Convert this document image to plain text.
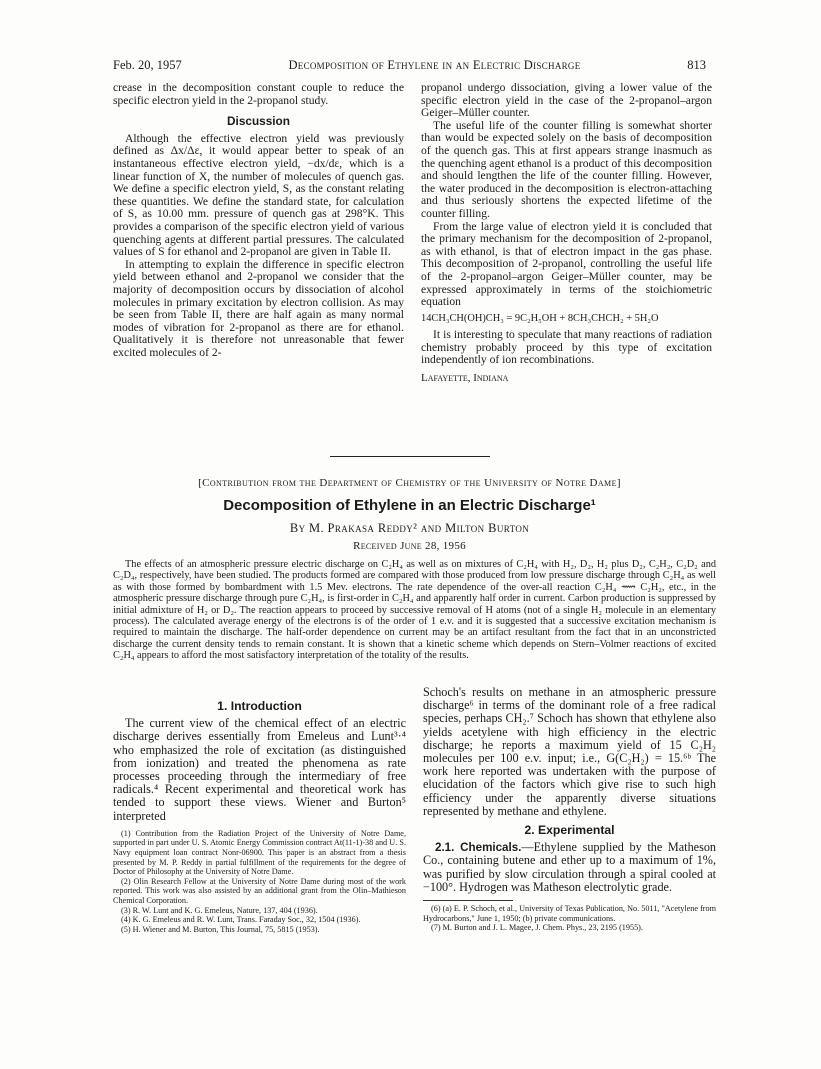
Feb. 20, 1957	Decomposition of Ethylene in an Electric Discharge	813

crease in the decomposition constant couple to reduce the specific electron yield in the 2-propanol study.

Discussion

Although the effective electron yield was previously defined as Δx/Δε, it would appear better to speak of an instantaneous effective electron yield, −dx/dε, which is a linear function of X, the number of molecules of quench gas. We define a specific electron yield, S, as the constant relating these quantities. We define the standard state, for calculation of S, as 10.00 mm. pressure of quench gas at 298°K. This provides a comparison of the specific electron yield of various quenching agents at different partial pressures. The calculated values of S for ethanol and 2-propanol are given in Table II.

In attempting to explain the difference in specific electron yield between ethanol and 2-propanol we consider that the majority of decomposition occurs by dissociation of alcohol molecules in primary excitation by electron collision. As may be seen from Table II, there are half again as many normal modes of vibration for 2-propanol as there are for ethanol. Qualitatively it is therefore not unreasonable that fewer excited molecules of 2-

propanol undergo dissociation, giving a lower value of the specific electron yield in the case of the 2-propanol–argon Geiger–Müller counter.

The useful life of the counter filling is somewhat shorter than would be expected solely on the basis of decomposition of the quench gas. This at first appears strange inasmuch as the quenching agent ethanol is a product of this decomposition and should lengthen the life of the counter filling. However, the water produced in the decomposition is electron-attaching and thus seriously shortens the expected lifetime of the counter filling.

From the large value of electron yield it is concluded that the primary mechanism for the decomposition of 2-propanol, as with ethanol, is that of electron impact in the gas phase. This decomposition of 2-propanol, controlling the useful life of the 2-propanol–argon Geiger–Müller counter, may be expressed approximately in terms of the stoichiometric equation

14CH₃CH(OH)CH₃ = 9C₂H₅OH + 8CH₃CHCH₂ + 5H₂O

It is interesting to speculate that many reactions of radiation chemistry probably proceed by this type of excitation independently of ion recombinations.

Lafayette, Indiana
[Contribution from the Department of Chemistry of the University of Notre Dame]
Decomposition of Ethylene in an Electric Discharge¹
By M. Prakasa Reddy² and Milton Burton
Received June 28, 1956

The effects of an atmospheric pressure electric discharge on C₂H₄ as well as on mixtures of C₂H₄ with H₂, D₂, H₂ plus D₂, C₂H₂, C₂D₂ and C₂D₄, respectively, have been studied. The products formed are compared with those produced from low pressure discharge through C₂H₄ as well as with those formed by bombardment with 1.5 Mev. electrons. The rate dependence of the over-all reaction C₂H₄ ⟿ C₂H₂, etc., in the atmospheric pressure discharge through pure C₂H₄, is first-order in C₂H₄ and apparently half order in current. Carbon production is suppressed by initial admixture of H₂ or D₂. The reaction appears to proceed by successive removal of H atoms (not of a single H₂ molecule in an elementary process). The calculated average energy of the electrons is of the order of 1 e.v. and it is suggested that a successive excitation mechanism is required to maintain the discharge. The half-order dependence on current may be an artifact resultant from the fact that in an unconstricted discharge the current density tends to remain constant. It is shown that a kinetic scheme which depends on Stern–Volmer reactions of excited C₂H₄ appears to afford the most satisfactory interpretation of the totality of the results.

1. Introduction

The current view of the chemical effect of an electric discharge derives essentially from Emeleus and Lunt³·⁴ who emphasized the role of excitation (as distinguished from ionization) and treated the phenomena as rate processes proceeding through the intermediary of free radicals.⁴ Recent experimental and theoretical work has tended to support these views. Wiener and Burton⁵ interpreted

(1) Contribution from the Radiation Project of the University of Notre Dame, supported in part under U. S. Atomic Energy Commission contract At(11-1)-38 and U. S. Navy equipment loan contract Nonr-06900. This paper is an abstract from a thesis presented by M. P. Reddy in partial fulfillment of the requirements for the degree of Doctor of Philosophy at the University of Notre Dame.

(2) Olin Research Fellow at the University of Notre Dame during most of the work reported. This work was also assisted by an additional grant from the Olin–Mathieson Chemical Corporation.

(3) R. W. Lunt and K. G. Emeleus, Nature, 137, 404 (1936).

(4) K. G. Emeleus and R. W. Lunt, Trans. Faraday Soc., 32, 1504 (1936).

(5) H. Wiener and M. Burton, This Journal, 75, 5815 (1953).

Schoch's results on methane in an atmospheric pressure discharge⁶ in terms of the dominant role of a free radical species, perhaps CH₂.⁷ Schoch has shown that ethylene also yields acetylene with high efficiency in the electric discharge; he reports a maximum yield of 15 C₂H₂ molecules per 100 e.v. input; i.e., G(C₂H₂) = 15.⁶ᵇ The work here reported was undertaken with the purpose of elucidation of the factors which give rise to such high efficiency under the apparently diverse situations represented by methane and ethylene.

2. Experimental

2.1. Chemicals.—Ethylene supplied by the Matheson Co., containing butene and ether up to a maximum of 1%, was purified by slow circulation through a spiral cooled at −100°. Hydrogen was Matheson electrolytic grade.

(6) (a) E. P. Schoch, et al., University of Texas Publication, No. 5011, "Acetylene from Hydrocarbons," June 1, 1950; (b) private communications.

(7) M. Burton and J. L. Magee, J. Chem. Phys., 23, 2195 (1955).
